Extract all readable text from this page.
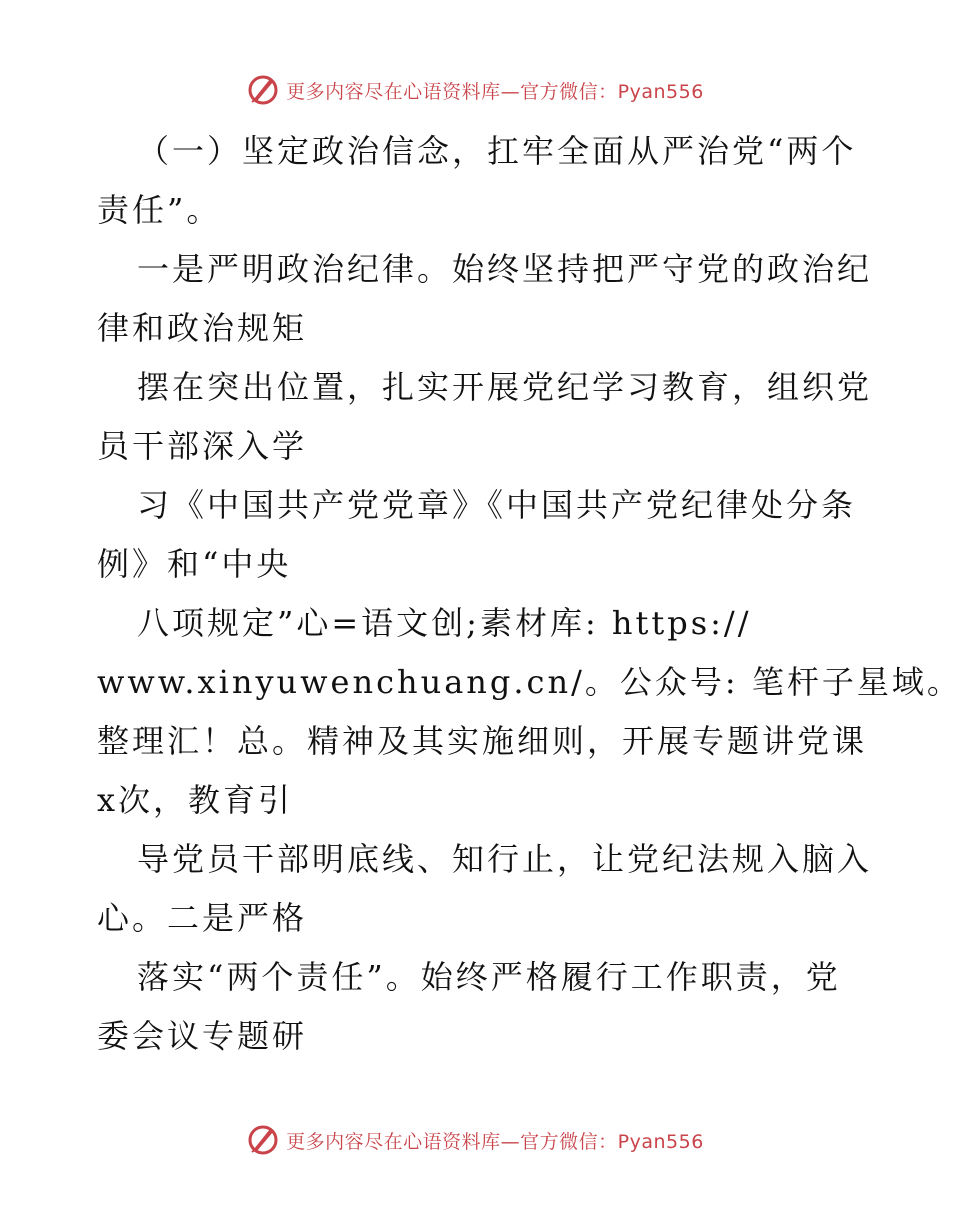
更多内容尽在心语资料库—官方微信：Pyan556
（一）坚定政治信念，扛牢全面从严治党“两个
责任”。
一是严明政治纪律。始终坚持把严守党的政治纪
律和政治规矩
摆在突出位置，扎实开展党纪学习教育，组织党
员干部深入学
习《中国共产党党章》《中国共产党纪律处分条
例》和“中央
八项规定”心=语文创;素材库: https://
www.xinyuwenchuang.cn/。公众号: 笔杆子星域。
整理汇！总。精神及其实施细则，开展专题讲党课
x次，教育引
导党员干部明底线、知行止，让党纪法规入脑入
心。二是严格
落实“两个责任”。始终严格履行工作职责，党
委会议专题研
更多内容尽在心语资料库—官方微信：Pyan556
